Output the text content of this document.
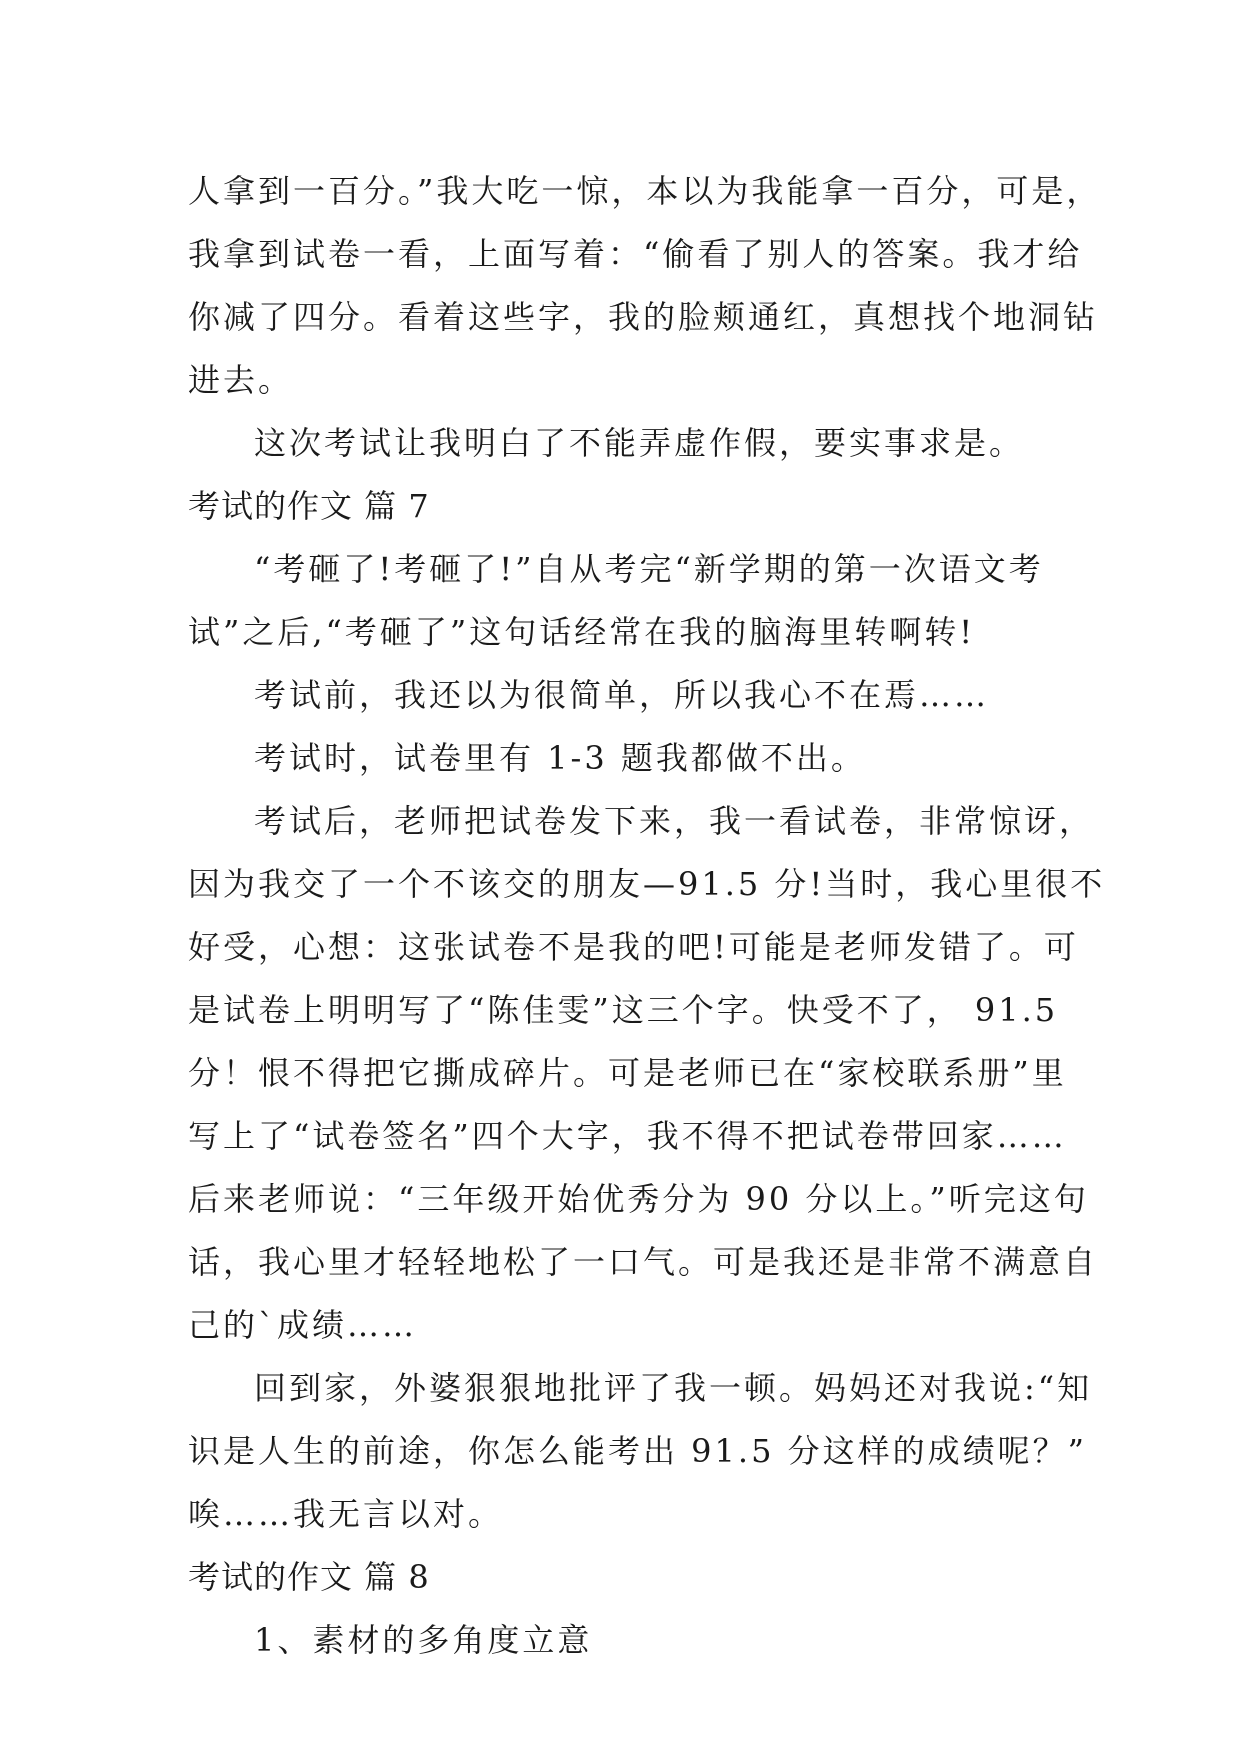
人拿到一百分。”我大吃一惊，本以为我能拿一百分，可是，
我拿到试卷一看，上面写着：“偷看了别人的答案。我才给
你减了四分。看着这些字，我的脸颊通红，真想找个地洞钻
进去。
这次考试让我明白了不能弄虚作假，要实事求是。
考试的作文 篇 7
“考砸了!考砸了!”自从考完“新学期的第一次语文考
试”之后,“考砸了”这句话经常在我的脑海里转啊转!
考试前，我还以为很简单，所以我心不在焉……
考试时，试卷里有 1-3 题我都做不出。
考试后，老师把试卷发下来，我一看试卷，非常惊讶，
因为我交了一个不该交的朋友—91.5 分!当时，我心里很不
好受，心想：这张试卷不是我的吧!可能是老师发错了。可
是试卷上明明写了“陈佳雯”这三个字。快受不了， 91.5
分！恨不得把它撕成碎片。可是老师已在“家校联系册”里
写上了“试卷签名”四个大字，我不得不把试卷带回家……
后来老师说：“三年级开始优秀分为 90 分以上。”听完这句
话，我心里才轻轻地松了一口气。可是我还是非常不满意自
己的`成绩……
回到家，外婆狠狠地批评了我一顿。妈妈还对我说:“知
识是人生的前途，你怎么能考出 91.5 分这样的成绩呢？”
唉……我无言以对。
考试的作文 篇 8
1、素材的多角度立意
